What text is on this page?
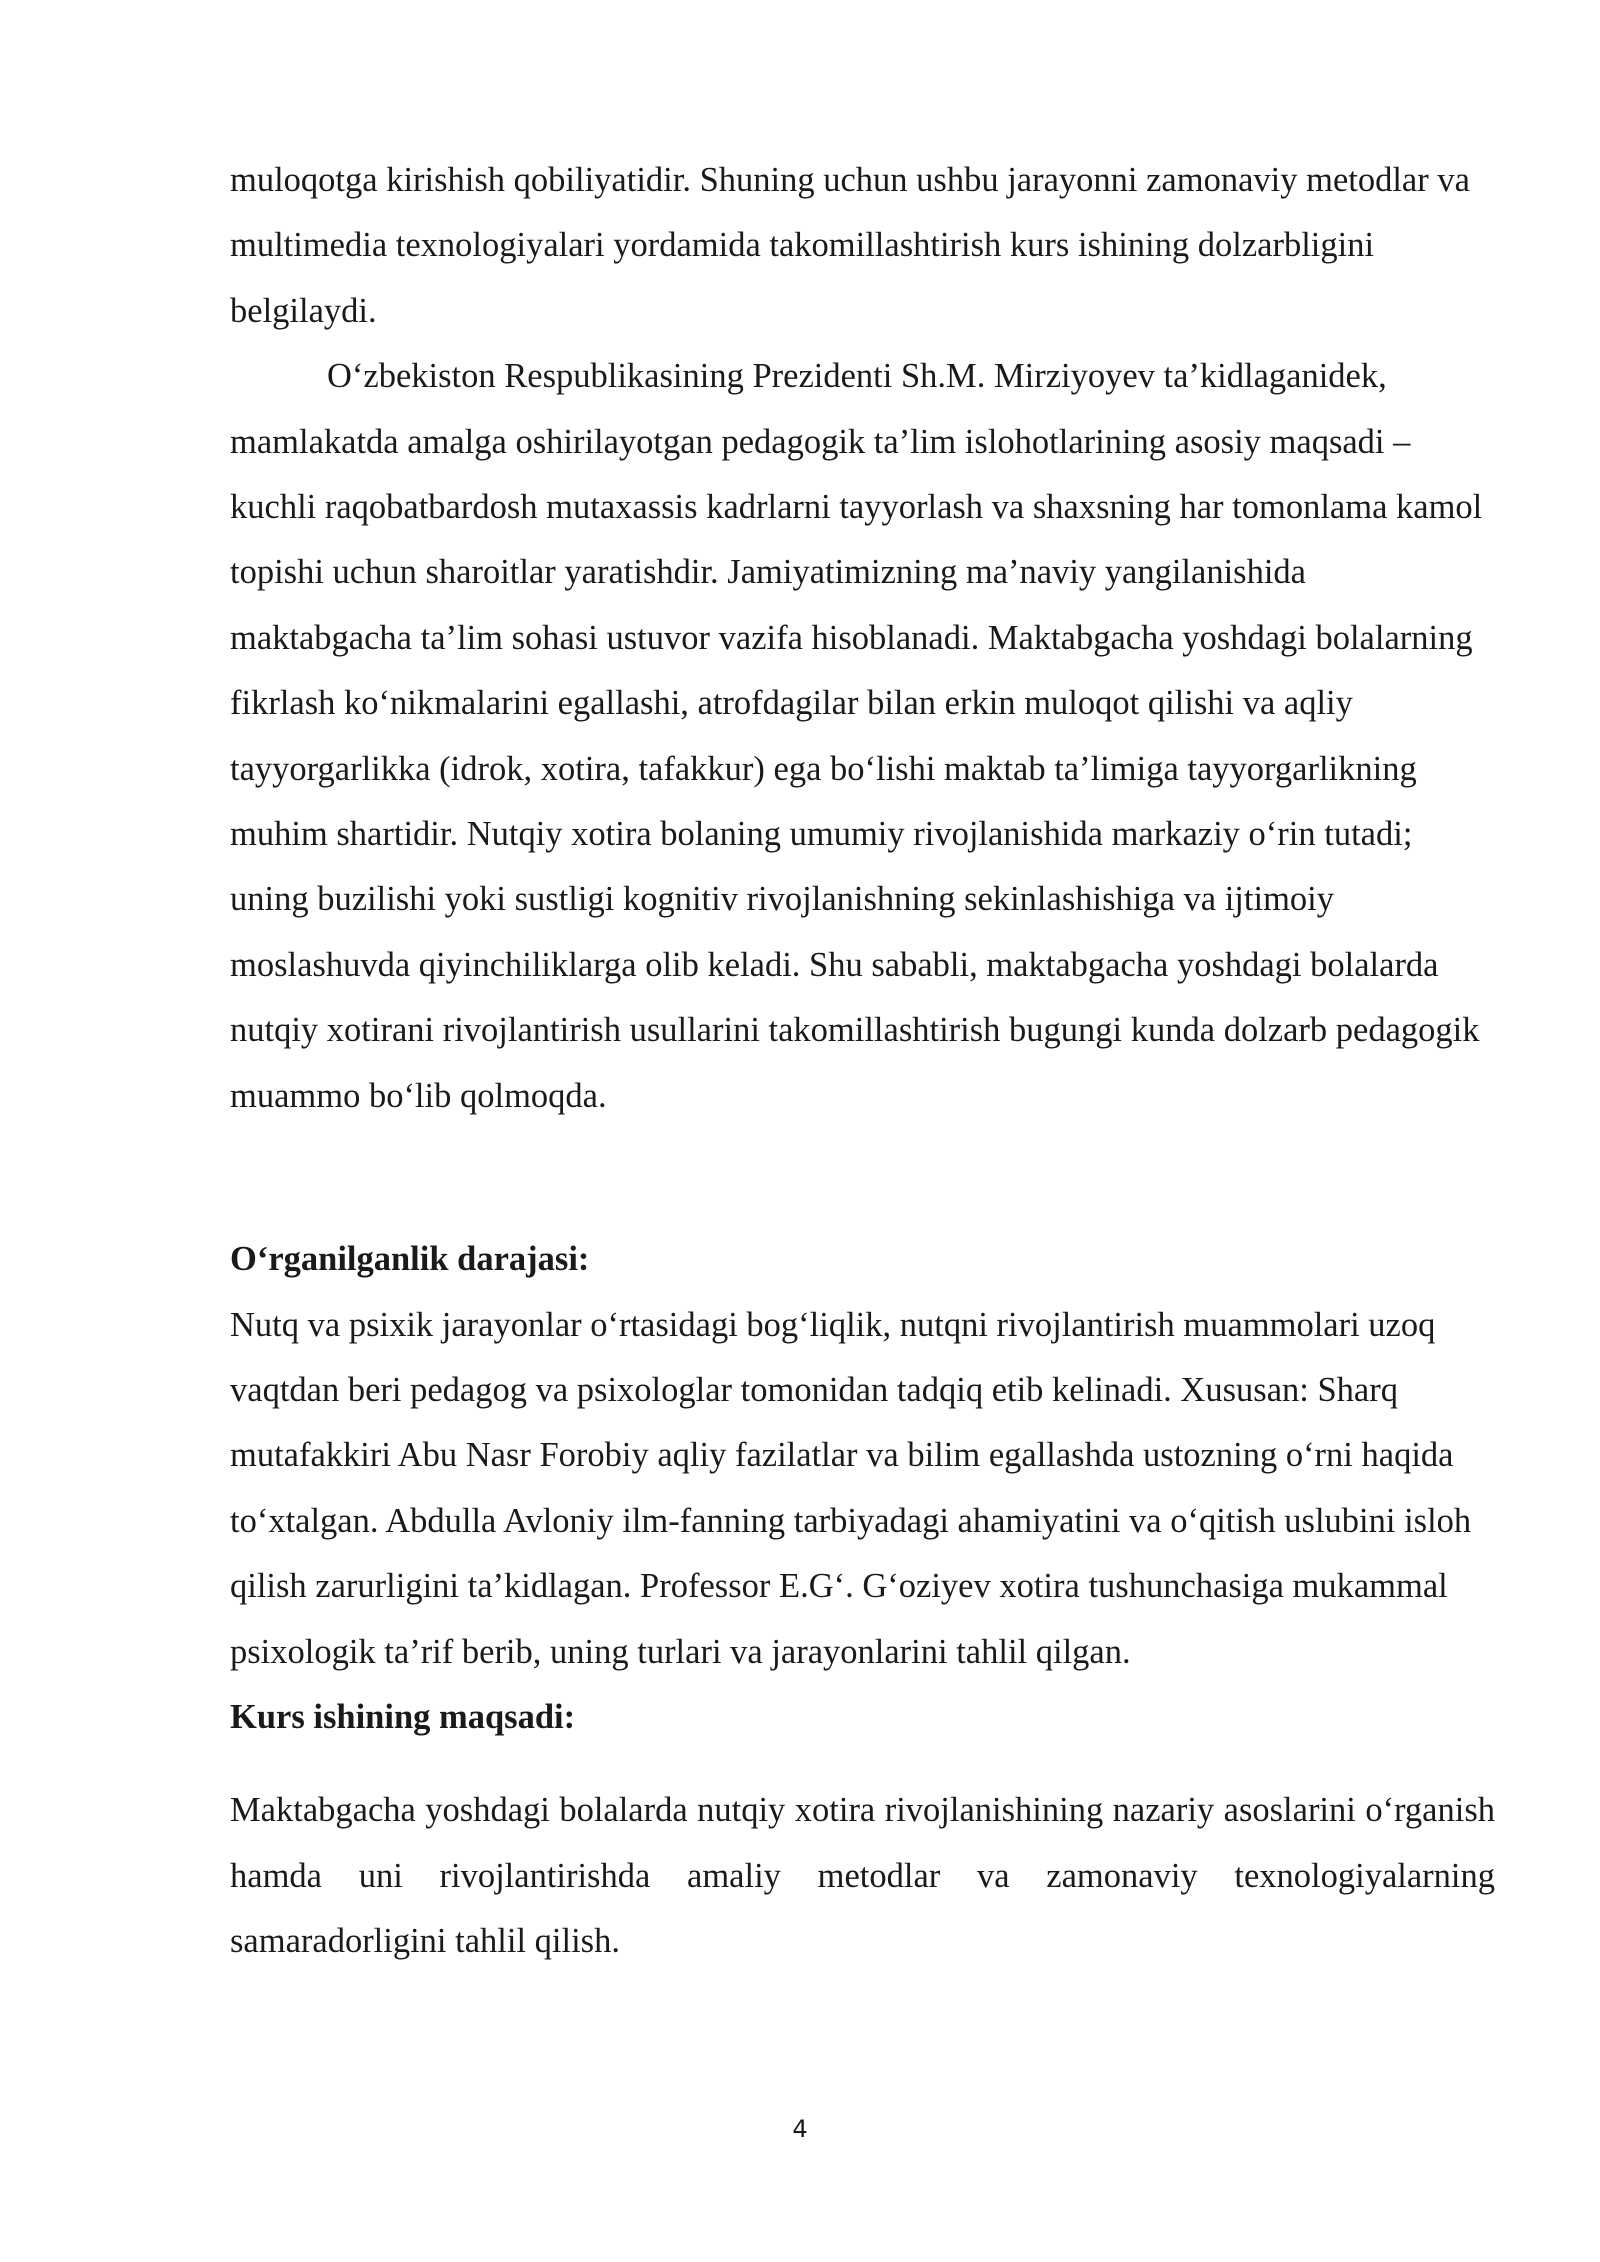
muloqotga kirishish qobiliyatidir. Shuning uchun ushbu jarayonni zamonaviy metodlar va multimedia texnologiyalari yordamida takomillashtirish kurs ishining dolzarbligini belgilaydi.

O‘zbekiston Respublikasining Prezidenti Sh.M. Mirziyoyev ta’kidlaganidek, mamlakatda amalga oshirilayotgan pedagogik ta’lim islohotlarining asosiy maqsadi – kuchli raqobatbardosh mutaxassis kadrlarni tayyorlash va shaxsning har tomonlama kamol topishi uchun sharoitlar yaratishdir. Jamiyatimizning ma’naviy yangilanishida maktabgacha ta’lim sohasi ustuvor vazifa hisoblanadi. Maktabgacha yoshdagi bolalarning fikrlash ko‘nikmalarini egallashi, atrofdagilar bilan erkin muloqot qilishi va aqliy tayyorgarlikka (idrok, xotira, tafakkur) ega bo‘lishi maktab ta’limiga tayyorgarlikning muhim shartidir. Nutqiy xotira bolaning umumiy rivojlanishida markaziy o‘rin tutadi; uning buzilishi yoki sustligi kognitiv rivojlanishning sekinlashishiga va ijtimoiy moslashuvda qiyinchiliklarga olib keladi. Shu sababli, maktabgacha yoshdagi bolalarda nutqiy xotirani rivojlantirish usullarini takomillashtirish bugungi kunda dolzarb pedagogik muammo bo‘lib qolmoqda.

O‘rganilganlik darajasi:

Nutq va psixik jarayonlar o‘rtasidagi bog‘liqlik, nutqni rivojlantirish muammolari uzoq vaqtdan beri pedagog va psixologlar tomonidan tadqiq etib kelinadi. Xususan: Sharq mutafakkiri Abu Nasr Forobiy aqliy fazilatlar va bilim egallashda ustozning o‘rni haqida to‘xtalgan. Abdulla Avloniy ilm-fanning tarbiyadagi ahamiyatini va o‘qitish uslubini isloh qilish zarurligini ta’kidlagan. Professor E.G‘. G‘oziyev xotira tushunchasiga mukammal psixologik ta’rif berib, uning turlari va jarayonlarini tahlil qilgan.

Kurs ishining maqsadi:

Maktabgacha yoshdagi bolalarda nutqiy xotira rivojlanishining nazariy asoslarini o‘rganish hamda uni rivojlantirishda amaliy metodlar va zamonaviy texnologiyalarning samaradorligini tahlil qilish.

4
